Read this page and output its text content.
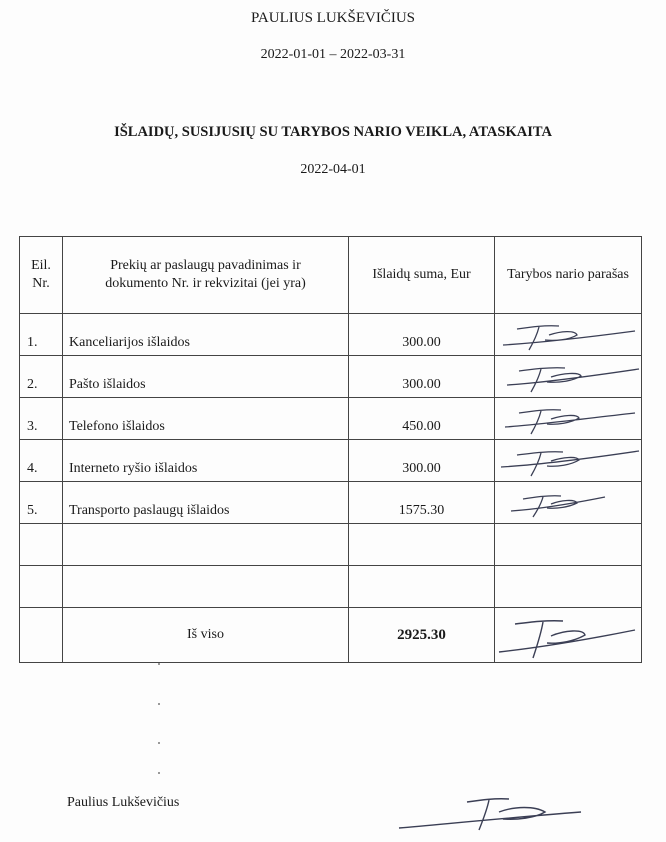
PAULIUS LUKŠEVIČIUS
2022-01-01 – 2022-03-31
IŠLAIDŲ, SUSIJUSIŲ SU TARYBOS NARIO VEIKLA, ATASKAITA
2022-04-01
Eil. Nr.	Prekių ar paslaugų pavadinimas ir dokumento Nr. ir rekvizitai (jei yra)	Išlaidų suma, Eur	Tarybos nario parašas
1.	Kanceliarijos išlaidos	300.00	

2.	Pašto išlaidos	300.00	

3.	Telefono išlaidos	450.00	

4.	Interneto ryšio išlaidos	300.00	

5.	Transporto paslaugų išlaidos	1575.30	

	Iš viso	2925.30	
Paulius Lukševičius
